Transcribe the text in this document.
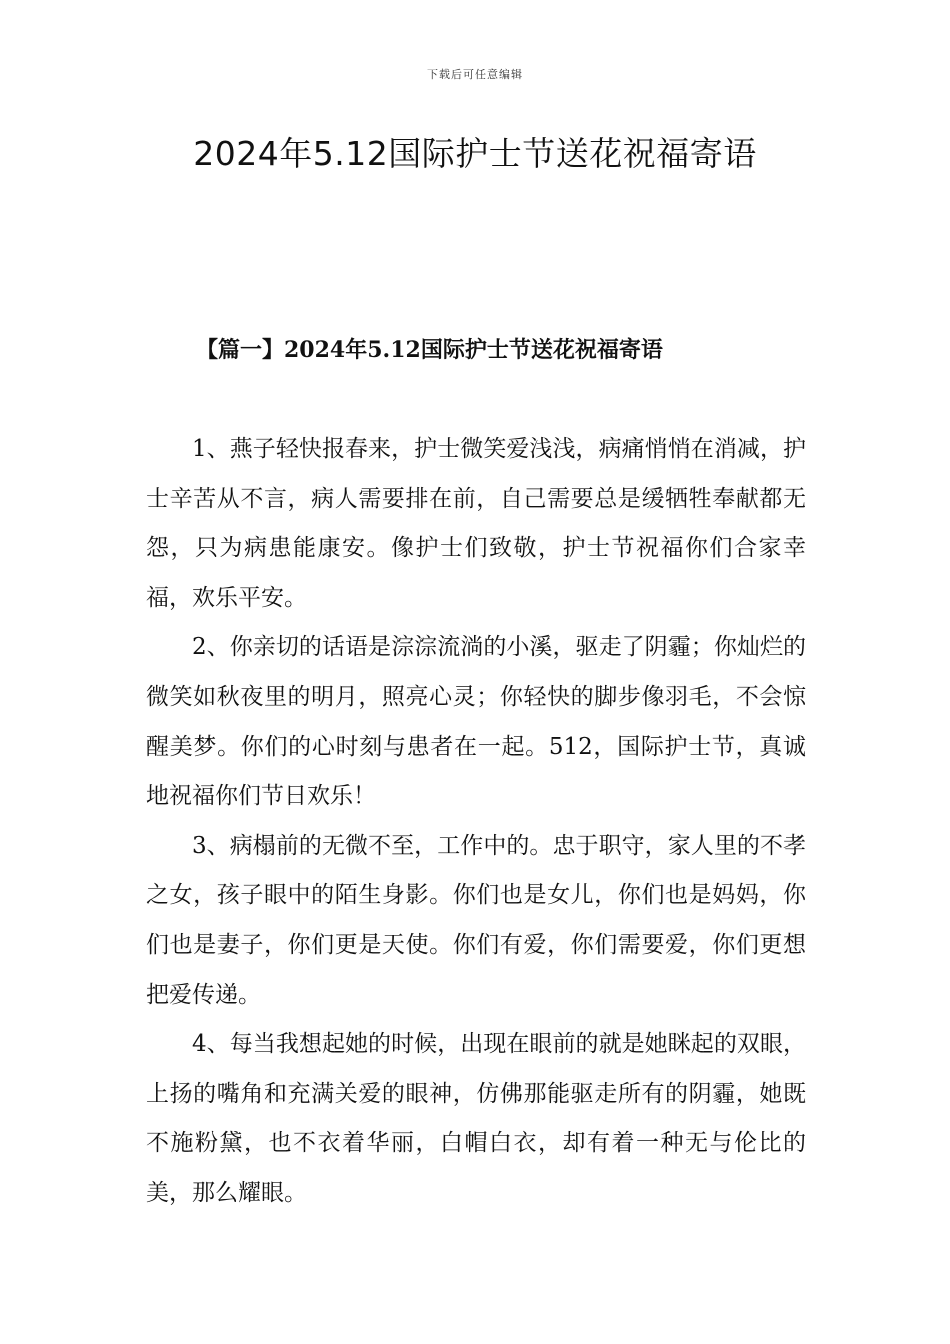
下载后可任意编辑
2024年5.12国际护士节送花祝福寄语
【篇一】2024年5.12国际护士节送花祝福寄语

1、燕子轻快报春来，护士微笑爱浅浅，病痛悄悄在消减，护士辛苦从不言，病人需要排在前，自己需要总是缓牺牲奉献都无怨，只为病患能康安。像护士们致敬，护士节祝福你们合家幸福，欢乐平安。

2、你亲切的话语是淙淙流淌的小溪，驱走了阴霾；你灿烂的微笑如秋夜里的明月，照亮心灵；你轻快的脚步像羽毛，不会惊醒美梦。你们的心时刻与患者在一起。512，国际护士节，真诚地祝福你们节日欢乐！

3、病榻前的无微不至，工作中的。忠于职守，家人里的不孝之女，孩子眼中的陌生身影。你们也是女儿，你们也是妈妈，你们也是妻子，你们更是天使。你们有爱，你们需要爱，你们更想把爱传递。

4、每当我想起她的时候，出现在眼前的就是她眯起的双眼，上扬的嘴角和充满关爱的眼神，仿佛那能驱走所有的阴霾，她既不施粉黛，也不衣着华丽，白帽白衣，却有着一种无与伦比的美，那么耀眼。
